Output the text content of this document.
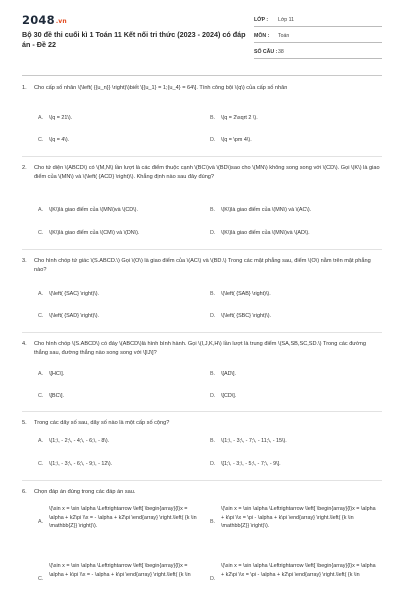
2048.vn
Bộ 30 đề thi cuối kì 1 Toán 11 Kết nối tri thức (2023 - 2024) có đáp án - Đề 22
LỚP : Lớp 11
MÔN : Toán
SỐ CÂU : 38
1. Cho cấp số nhân \(\left( {{u_n}} \right)\)biết \[{u_1} = 1;{u_4} = 64\]. Tính công bội \(q\) của cấp số nhân
A. \(q = 21\).	B. \(q = 2\sqrt 2 \).
C. \(q = 4\).	D. \(q = \pm 4\).
2. Cho tứ diện \(ABCD\) có \(M,N\) lần lượt là các điểm thuộc cạnh \(BC\)và \(BD\)sao cho \(MN\) không song song với \(CD\). Gọi \(K\) là giao điểm của \(MN\) và \(\left( {ACD} \right)\). Khẳng định nào sau đây đúng?
A. \(K\)là giao điểm của \(MN\)và \(CD\).	B. \(K\)là giao điểm của \(MN\) và \(AC\).
C. \(K\)là giao điểm của \(CM\) và \(DN\).	D. \(K\)là giao điểm của \(MN\)và \(AD\).
3. Cho hình chóp tứ giác \(S.ABCD.\) Gọi \(O\) là giao điểm của \(AC\) và \(BD.\) Trong các mặt phẳng sau, điểm \(O\) nằm trên mặt phẳng nào?
A. \(\left( {SAC} \right)\).	B. \(\left( {SAB} \right)\).
C. \(\left( {SAD} \right)\).	D. \(\left( {SBC} \right)\).
4. Cho hình chóp \(S.ABCD\) có đáy \(ABCD\)là hình bình hành. Gọi \(I,J,K,H\) lần lượt là trung điểm \(SA,SB,SC,SD.\) Trong các đường thẳng sau, đường thẳng nào song song với \[IJ\]?
A. \[HC\].	B. \[AD\].
C. \[BC\].	D. \[CD\].
5. Trong các dãy số sau, dãy số nào là một cấp số cộng?
A. \(1;\, - 2;\, - 4;\, - 6;\, - 8\).	B. \(1;\, - 3;\, - 7;\, - 11;\, - 15\).
C. \(1;\, - 3;\, - 6;\, - 9;\, - 12\).	D. \[1;\, - 3;\, - 5;\, - 7;\, - 9\].
6. Chọn đáp án đúng trong các đáp án sau.
A.
\(\sin x = \sin \alpha \Leftrightarrow \left[ \begin{array}{l}x = \alpha + k2\pi \\x = - \alpha + k2\pi \end{array} \right.\left( {k \in \mathbb{Z}} \right)\).
B.
\(\sin x = \sin \alpha \Leftrightarrow \left[ \begin{array}{l}x = \alpha + k\pi \\x = \pi - \alpha + k\pi \end{array} \right.\left( {k \in \mathbb{Z}} \right)\).
C.
\(\sin x = \sin \alpha \Leftrightarrow \left[ \begin{array}{l}x = \alpha + k\pi \\x = - \alpha + k\pi \end{array} \right.\left( {k \in
D.
\(\sin x = \sin \alpha \Leftrightarrow \left[ \begin{array}{l}x = \alpha + k2\pi \\x = \pi - \alpha + k2\pi \end{array} \right.\left( {k \in
